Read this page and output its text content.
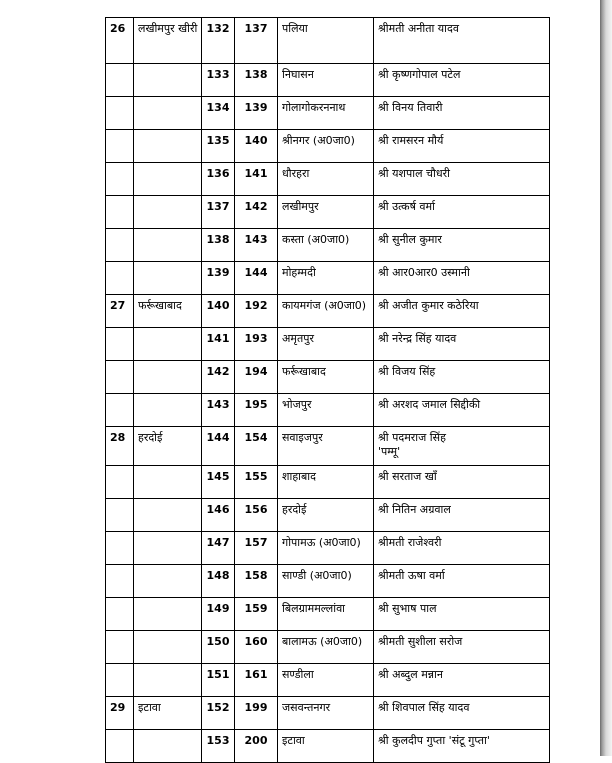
26	लखीमपुर खीरी	132	137	पलिया	श्रीमती अनीता यादव
		133	138	निघासन	श्री कृष्णगोपाल पटेल
		134	139	गोलागोकरननाथ	श्री विनय तिवारी
		135	140	श्रीनगर (अ0जा0)	श्री रामसरन मौर्य
		136	141	धौरहरा	श्री यशपाल चौधरी
		137	142	लखीमपुर	श्री उत्कर्ष वर्मा
		138	143	कस्ता (अ0जा0)	श्री सुनील कुमार
		139	144	मोहम्मदी	श्री आर0आर0 उस्मानी
27	फर्रूखाबाद	140	192	कायमगंज (अ0जा0)	श्री अजीत कुमार कठेरिया
		141	193	अमृतपुर	श्री नरेन्द्र सिंह यादव
		142	194	फर्रूखाबाद	श्री विजय सिंह
		143	195	भोजपुर	श्री अरशद जमाल सिद्दीकी
28	हरदोई	144	154	सवाइजपुर	श्री पदमराज सिंह
'पम्मू'

		145	155	शाहाबाद	श्री सरताज खाँ
		146	156	हरदोई	श्री नितिन अग्रवाल
		147	157	गोपामऊ (अ0जा0)	श्रीमती राजेश्वरी
		148	158	साण्डी (अ0जा0)	श्रीमती ऊषा वर्मा
		149	159	बिलग्राममल्लांवा	श्री सुभाष पाल
		150	160	बालामऊ (अ0जा0)	श्रीमती सुशीला सरोज
		151	161	सण्डीला	श्री अब्दुल मन्नान
29	इटावा	152	199	जसवन्तनगर	श्री शिवपाल सिंह यादव
		153	200	इटावा	श्री कुलदीप गुप्ता 'संटू गुप्ता'
